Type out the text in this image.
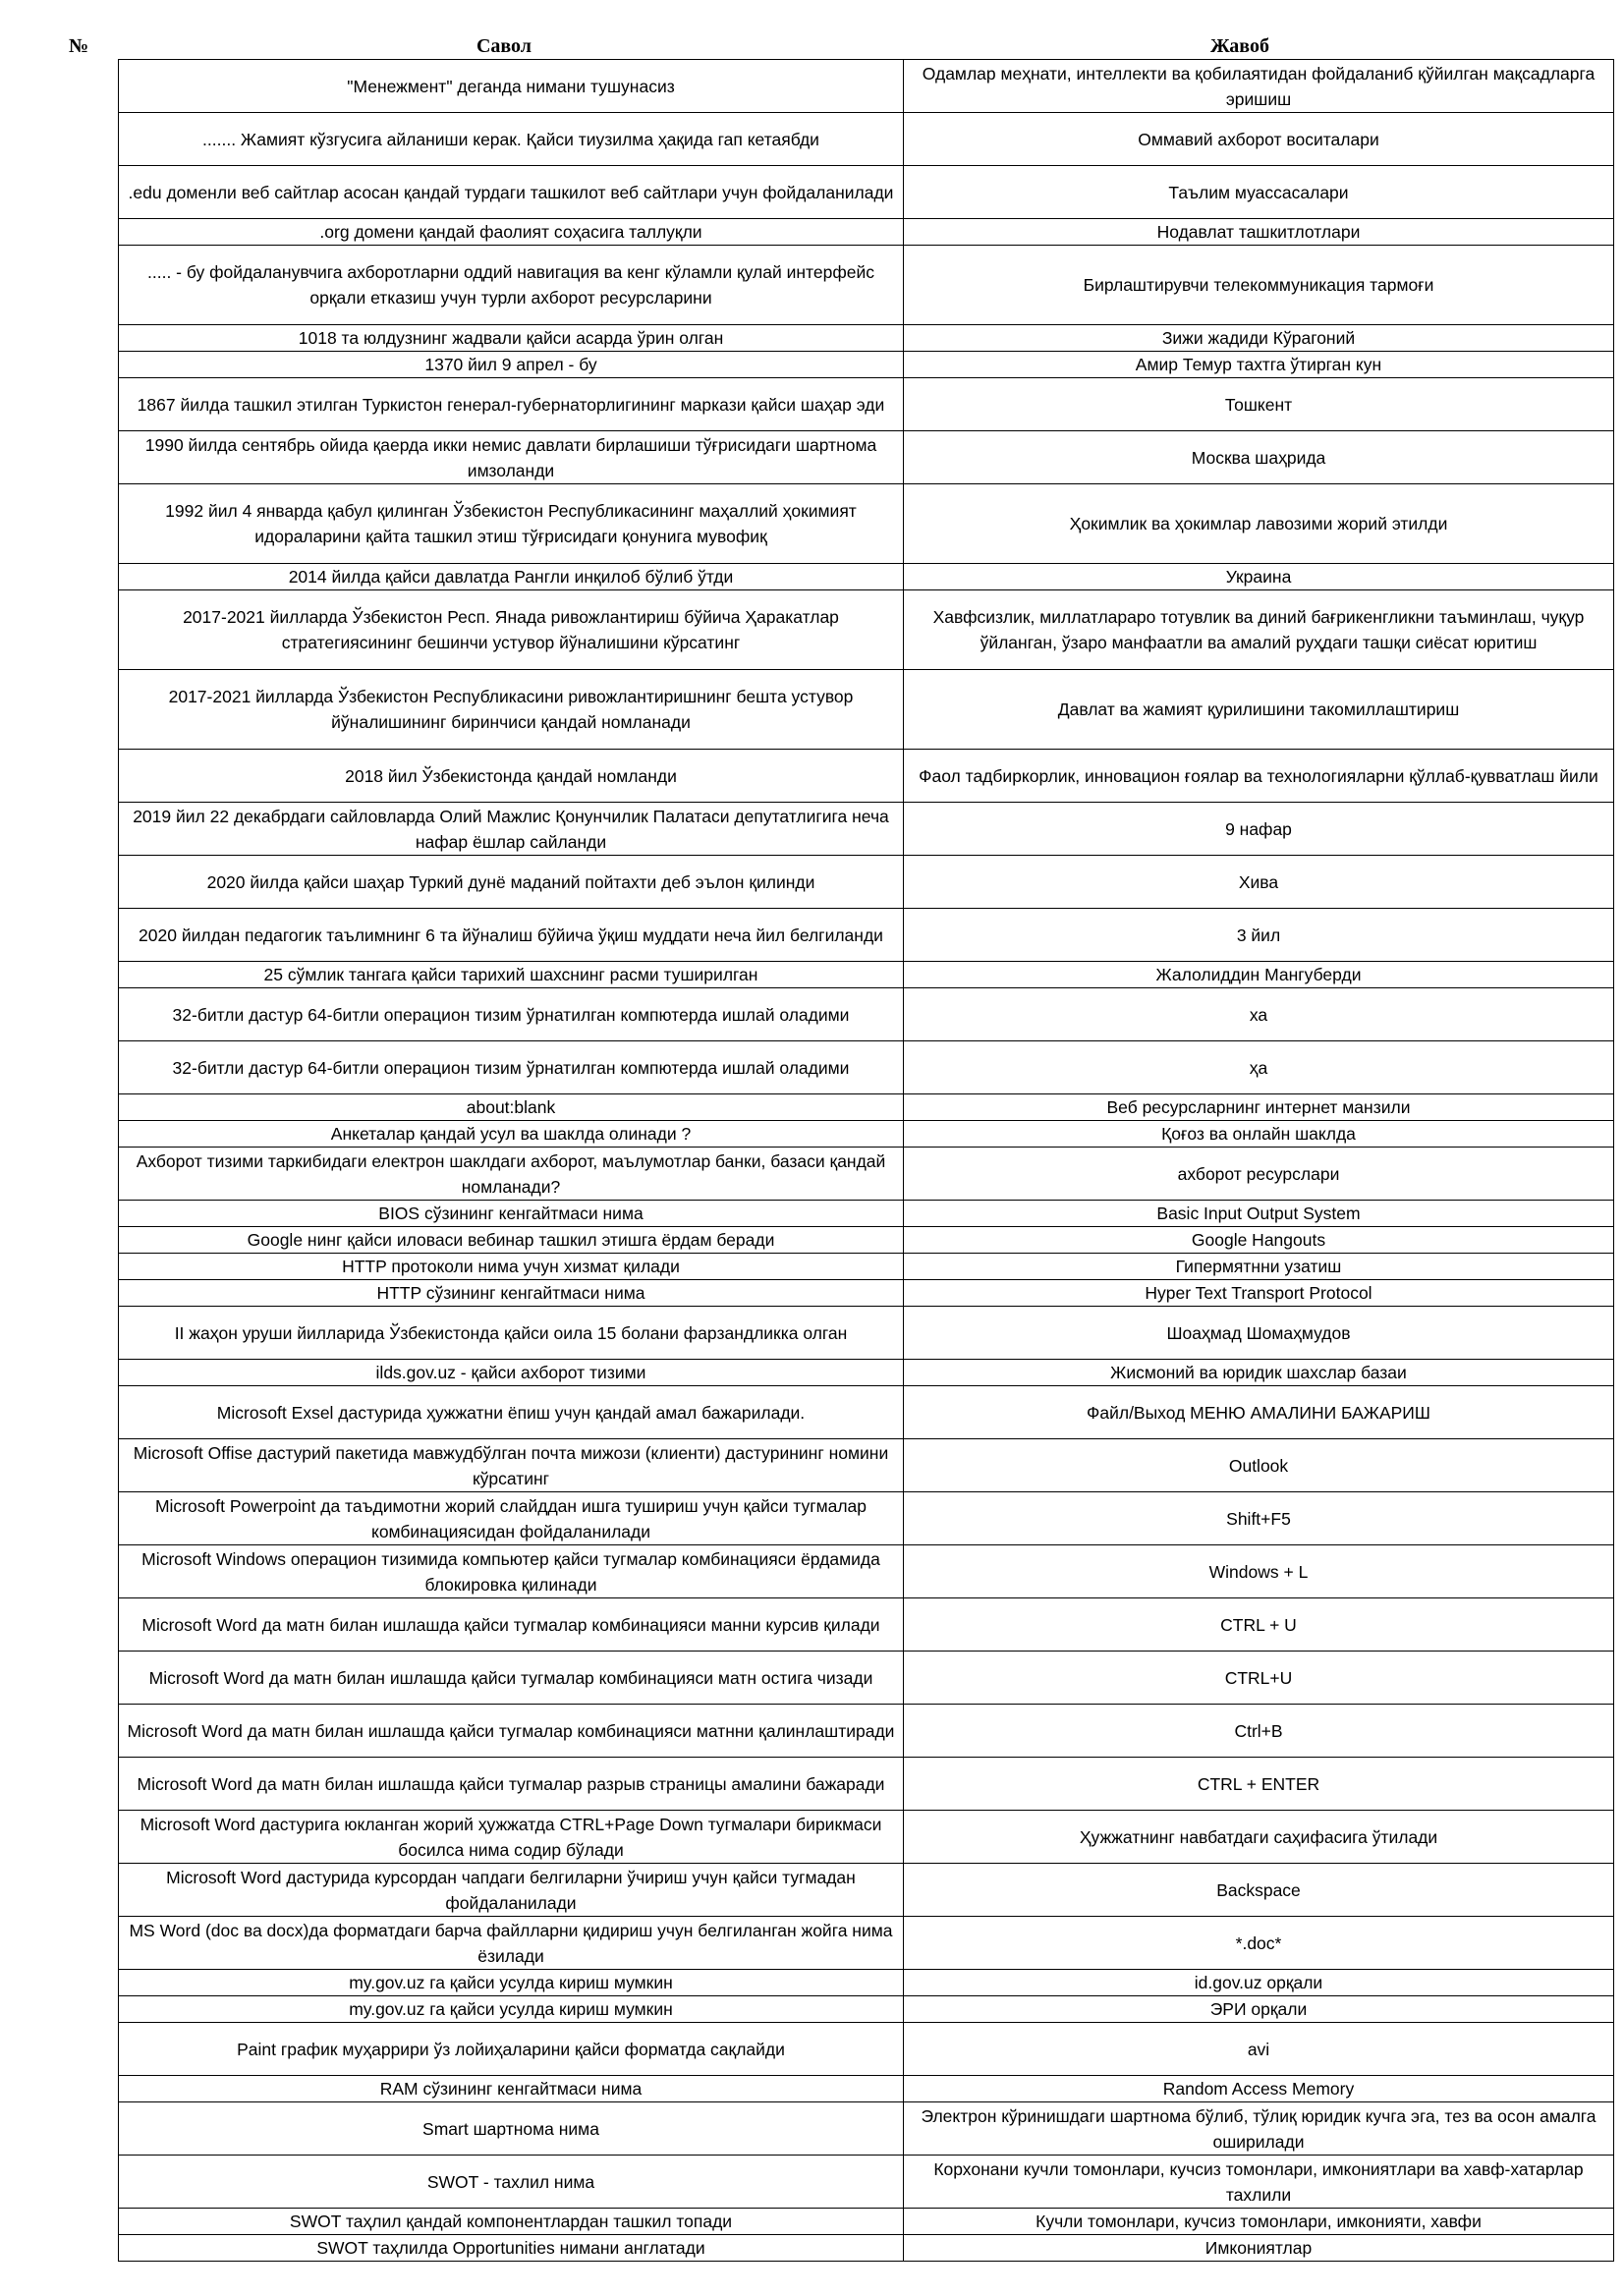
№	Савол	Жавоб
	"Менежмент" деганда нимани тушунасиз	Одамлар меҳнати, интеллекти ва қобилаятидан фойдаланиб қўйилган мақсадларга эришиш

	....... Жамият кўзгусига айланиши керак. Қайси тиузилма ҳақида гап кетаябди	Оммавий ахборот воситалари

	.edu доменли веб сайтлар асосан қандай турдаги ташкилот веб сайтлари учун фойдаланилади	Таълим муассасалари

	.org домени қандай фаолият соҳасига таллуқли	Нодавлат ташкитлотлари

	..... - бу фойдаланувчига ахборотларни оддий навигация ва кенг кўламли қулай интерфейс орқали етказиш учун турли ахборот ресурсларини	Бирлаштирувчи телекоммуникация тармоғи

	1018 та юлдузнинг жадвали қайси асарда ўрин олган	Зижи жадиди Кўрагоний

	1370 йил 9 апрел - бу	Амир Темур тахтга ўтирган кун

	1867 йилда ташкил этилган Туркистон генерал-губернаторлигининг маркази қайси шаҳар эди	Тошкент

	1990 йилда сентябрь ойида қаерда икки немис давлати бирлашиши тўғрисидаги шартнома имзоланди	Москва шаҳрида

	1992 йил 4 январда қабул қилинган Ўзбекистон Республикасининг маҳаллий ҳокимият идораларини қайта ташкил этиш тўғрисидаги қонунига мувофиқ	Ҳокимлик ва ҳокимлар лавозими жорий этилди

	2014 йилда қайси давлатда Рангли инқилоб бўлиб ўтди	Украина

	2017-2021 йилларда Ўзбекистон Респ. Янада ривожлантириш бўйича Ҳаракатлар стратегиясининг бешинчи устувор йўналишини кўрсатинг	Хавфсизлик, миллатлараро тотувлик ва диний бағрикенгликни таъминлаш, чуқур ўйланган, ўзаро манфаатли ва амалий руҳдаги ташқи сиёсат юритиш

	2017-2021 йилларда Ўзбекистон Республикасини ривожлантиришнинг бешта устувор йўналишининг биринчиси қандай номланади	Давлат ва жамият қурилишини такомиллаштириш

	2018 йил Ўзбекистонда қандай номланди	Фаол тадбиркорлик, инновацион ғоялар ва технологияларни қўллаб-қувватлаш йили

	2019 йил 22 декабрдаги сайловларда Олий Мажлис Қонунчилик Палатаси депутатлигига неча нафар ёшлар сайланди	9 нафар

	2020 йилда қайси шаҳар Туркий дунё маданий пойтахти деб эълон қилинди	Хива

	2020 йилдан педагогик таълимнинг 6 та йўналиш бўйича ўқиш муддати неча йил белгиланди	3 йил

	25 сўмлик тангага қайси тарихий шахснинг расми туширилган	Жалолиддин Мангуберди

	32-битли дастур 64-битли операцион тизим ўрнатилган компютерда ишлай оладими	ха

	32-битли дастур 64-битли операцион тизим ўрнатилган компютерда ишлай оладими	ҳа

	about:blank	Веб ресурсларнинг интернет манзили

	Анкеталар қандай усул ва шаклда олинади ?	Қоғоз ва онлайн шаклда

	Ахборот тизими таркибидаги електрон шаклдаги ахборот, маълумотлар банки, базаси қандай номланади?	ахборот ресурслари

	BIOS сўзининг кенгайтмаси нима	Basic Input Output System

	Google нинг қайси иловаси вебинар ташкил этишга ёрдам беради	Google Hangouts

	HTTP протоколи нима учун хизмат қилади	Гипермятнни узатиш

	HTTP сўзининг кенгайтмаси нима	Hyper Text Transport Protocol

	II жаҳон уруши йилларида Ўзбекистонда қайси оила 15 болани фарзандликка олган	Шоаҳмад Шомаҳмудов

	ilds.gov.uz - қайси ахборот тизими	Жисмоний ва юридик шахслар базаи

	Microsoft Exsel дастурида ҳужжатни ёпиш учун қандай амал бажарилади.	Файл/Выход МЕНЮ АМАЛИНИ БАЖАРИШ

	Microsoft Offise дастурий пакетида мавжудбўлган почта мижози (клиенти) дастурининг номини кўрсатинг	Outlook

	Microsoft Powerpoint да таъдимотни жорий слайддан ишга тушириш учун қайси тугмалар комбинациясидан фойдаланилади	Shift+F5

	Microsoft Windows операцион тизимида компьютер қайси тугмалар комбинацияси ёрдамида блокировка қилинади	Windows + L

	Microsoft Word да матн билан ишлашда қайси тугмалар комбинацияси манни курсив қилади	CTRL + U

	Microsoft Word да матн билан ишлашда қайси тугмалар комбинацияси матн остига чизади	CTRL+U

	Microsoft Word да матн билан ишлашда қайси тугмалар комбинацияси матнни қалинлаштиради	Ctrl+B

	Microsoft Word да матн билан ишлашда қайси тугмалар разрыв страницы амалини бажаради	CTRL + ENTER

	Microsoft Word дастурига юкланган жорий ҳужжатда CTRL+Page Down тугмалари бирикмаси босилса нима содир бўлади	Ҳужжатнинг навбатдаги саҳифасига ўтилади

	Microsoft Word дастурида курсордан чапдаги белгиларни ўчириш учун қайси тугмадан фойдаланилади	Backspace

	MS Word (doc ва docx)да форматдаги барча файлларни қидириш учун белгиланган жойга нима ёзилади	*.doc*

	my.gov.uz га қайси усулда кириш мумкин	id.gov.uz орқали

	my.gov.uz га қайси усулда кириш мумкин	ЭРИ орқали

	Paint график муҳаррири ўз лойиҳаларини қайси форматда сақлайди	avi

	RAM сўзининг кенгайтмаси нима	Random Access Memory

	Smart шартнома нима	Электрон кўринишдаги шартнома бўлиб, тўлиқ юридик кучга эга, тез ва осон амалга оширилади

	SWOT - тахлил нима	Корхонани кучли томонлари, кучсиз томонлари, имкониятлари ва хавф-хатарлар тахлили

	SWOT таҳлил қандай компонентлардан ташкил топади	Кучли томонлари, кучсиз томонлари, имконияти, хавфи

	SWOT таҳлилда Opportunities нимани англатади	Имкониятлар
